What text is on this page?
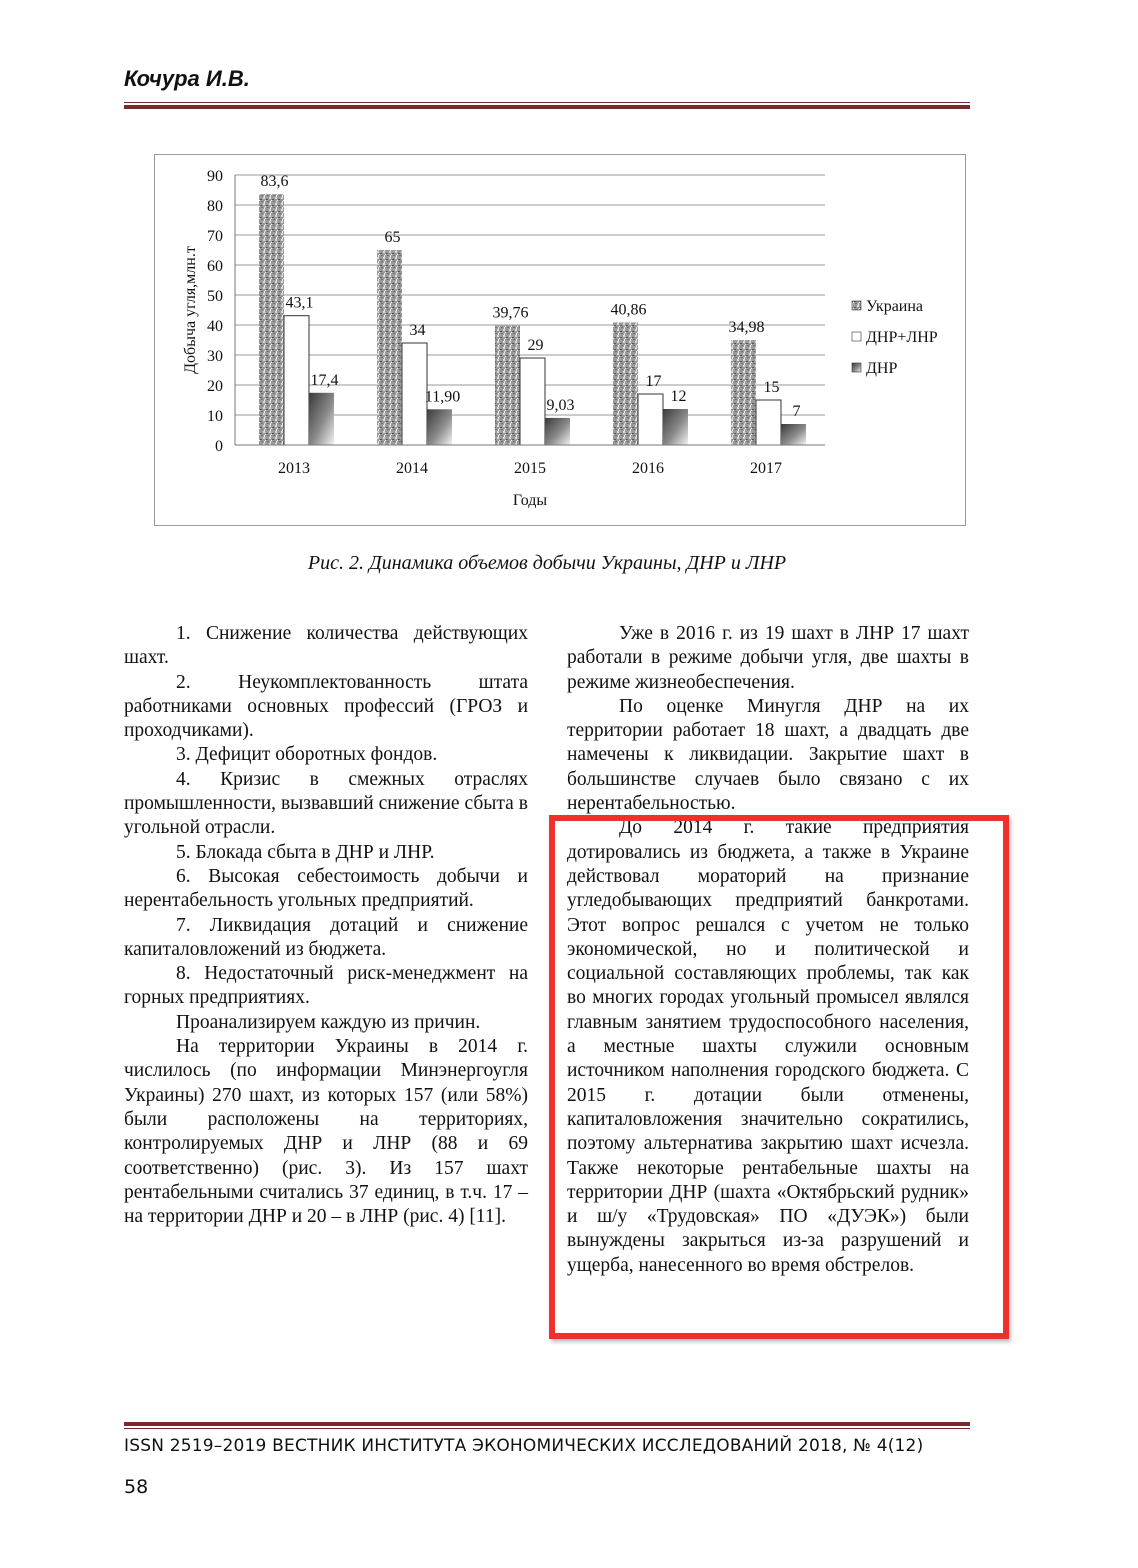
Кочура И.В.
83,6
43,1
17,4
65
34
11,90
39,76
29
9,03
40,86
17
12
34,98
15
7
0
10
20
30
40
50
60
70
80
90
2013	2014	2015	2016	2017
Годы
Добыча угля,млн.т	Украина
ДНР+ЛНР
ДНР
Рис. 2. Динамика объемов добычи Украины, ДНР и ЛНР

1. Снижение количества действующих шахт.

2. Неукомплектованность штата работниками основных профессий (ГРОЗ и проходчиками).

3. Дефицит оборотных фондов.

4. Кризис в смежных отраслях промышленности, вызвавший снижение сбыта в угольной отрасли.

5. Блокада сбыта в ДНР и ЛНР.

6. Высокая себестоимость добычи и нерентабельность угольных предприятий.

7. Ликвидация дотаций и снижение капиталовложений из бюджета.

8. Недостаточный риск-менеджмент на горных предприятиях.

Проанализируем каждую из причин.

На территории Украины в 2014 г. числилось (по информации Минэнергоугля Украины) 270 шахт, из которых 157 (или 58%) были расположены на территориях, контролируемых ДНР и ЛНР (88 и 69 соответственно) (рис. 3). Из 157 шахт рентабельными считались 37 единиц, в т.ч. 17 – на территории ДНР и 20 – в ЛНР (рис. 4) [11].

Уже в 2016 г. из 19 шахт в ЛНР 17 шахт работали в режиме добычи угля, две шахты в режиме жизнеобеспечения.

По оценке Минугля ДНР на их территории работает 18 шахт, а двадцать две намечены к ликвидации. Закрытие шахт в большинстве случаев было связано с их нерентабельностью.

До 2014 г. такие предприятия дотировались из бюджета, а также в Украине действовал мораторий на признание угледобывающих предприятий банкротами. Этот вопрос решался с учетом не только экономической, но и политической и социальной составляющих проблемы, так как во многих городах угольный промысел являлся главным занятием трудоспособного населения, а местные шахты служили основным источником наполнения городского бюджета. С 2015 г. дотации были отменены, капиталовложения значительно сократились, поэтому альтернатива закрытию шахт исчезла. Также некоторые рентабельные шахты на территории ДНР (шахта «Октябрьский рудник» и ш/у «Трудовская» ПО «ДУЭК») были вынуждены закрыться из-за разрушений и ущерба, нанесенного во время обстрелов.

ISSN 2519–2019 ВЕСТНИК ИНСТИТУТА ЭКОНОМИЧЕСКИХ ИССЛЕДОВАНИЙ 2018, № 4(12)
58
